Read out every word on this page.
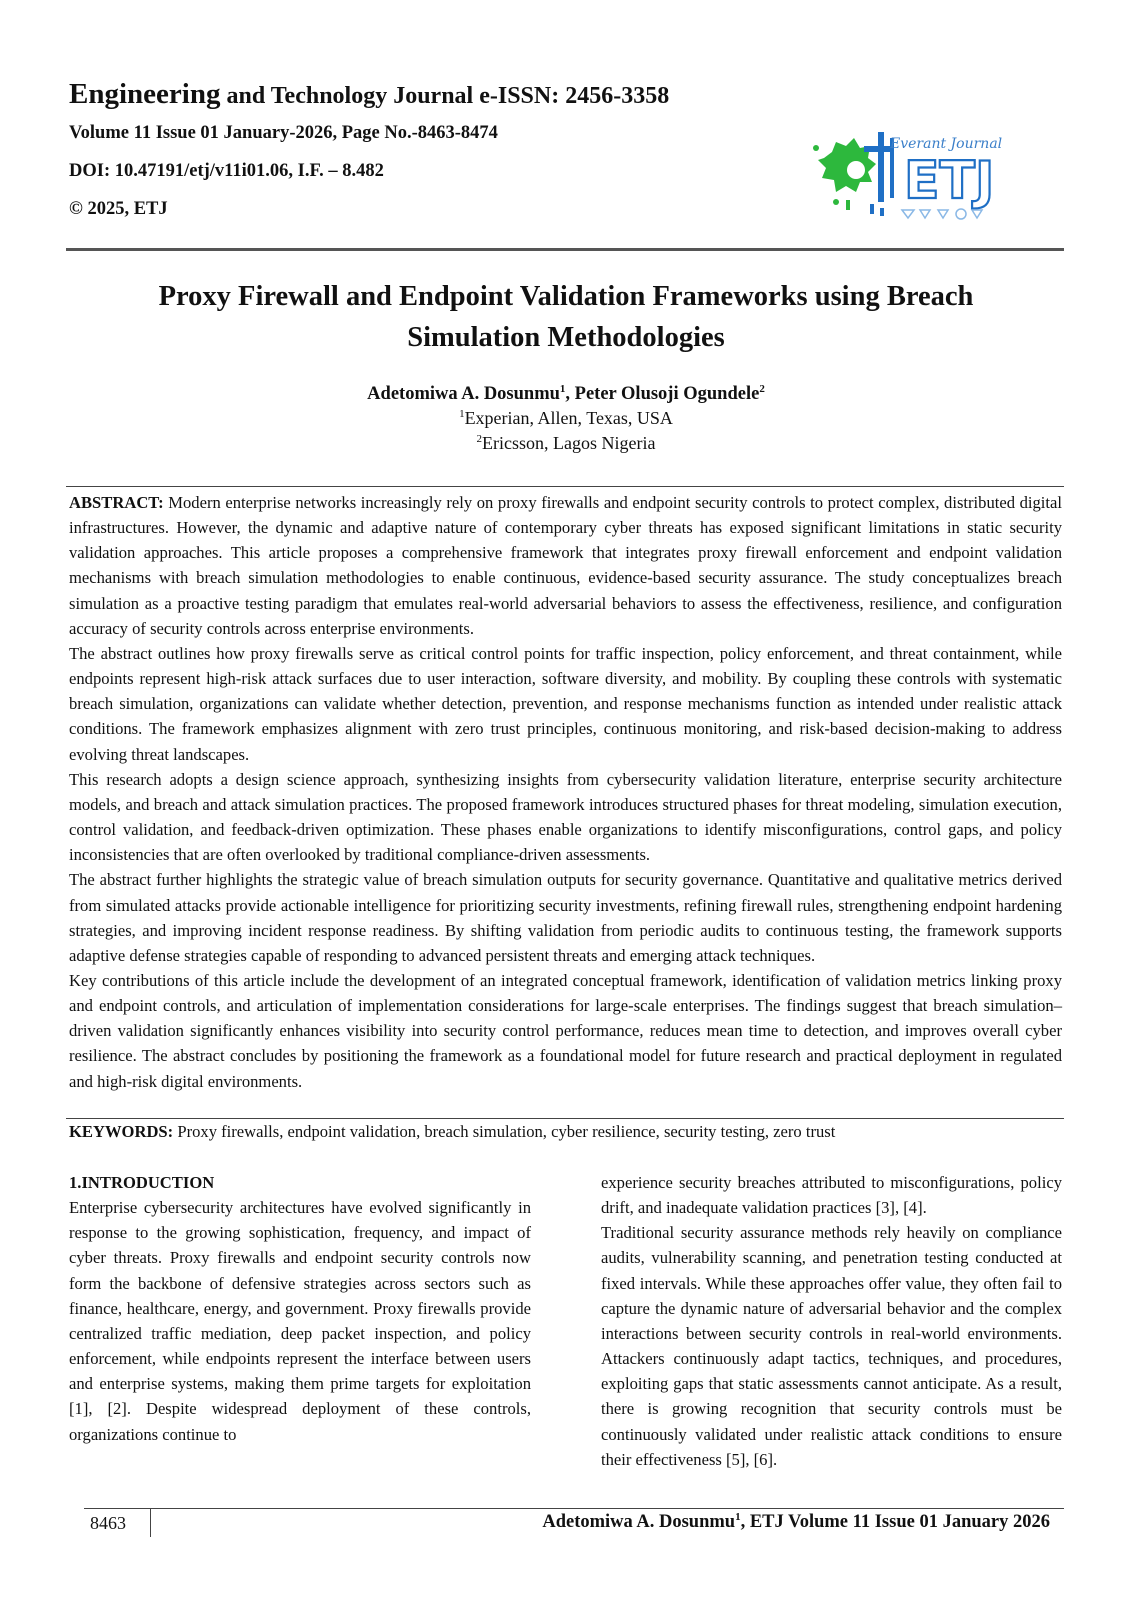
Engineering and Technology Journal e-ISSN: 2456-3358
Volume 11 Issue 01 January-2026, Page No.-8463-8474
DOI: 10.47191/etj/v11i01.06, I.F. – 8.482
© 2025, ETJ
Everant Journal
ETJ
Proxy Firewall and Endpoint Validation Frameworks using Breach
Simulation Methodologies
Adetomiwa A. Dosunmu$^1$, Peter Olusoji Ogundele$^2$
$^1$Experian, Allen, Texas, USA
$^2$Ericsson, Lagos Nigeria

ABSTRACT: Modern enterprise networks increasingly rely on proxy firewalls and endpoint security controls to protect complex, distributed digital infrastructures. However, the dynamic and adaptive nature of contemporary cyber threats has exposed significant limitations in static security validation approaches. This article proposes a comprehensive framework that integrates proxy firewall enforcement and endpoint validation mechanisms with breach simulation methodologies to enable continuous, evidence-based security assurance. The study conceptualizes breach simulation as a proactive testing paradigm that emulates real-world adversarial behaviors to assess the effectiveness, resilience, and configuration accuracy of security controls across enterprise environments.

The abstract outlines how proxy firewalls serve as critical control points for traffic inspection, policy enforcement, and threat containment, while endpoints represent high-risk attack surfaces due to user interaction, software diversity, and mobility. By coupling these controls with systematic breach simulation, organizations can validate whether detection, prevention, and response mechanisms function as intended under realistic attack conditions. The framework emphasizes alignment with zero trust principles, continuous monitoring, and risk-based decision-making to address evolving threat landscapes.

This research adopts a design science approach, synthesizing insights from cybersecurity validation literature, enterprise security architecture models, and breach and attack simulation practices. The proposed framework introduces structured phases for threat modeling, simulation execution, control validation, and feedback-driven optimization. These phases enable organizations to identify misconfigurations, control gaps, and policy inconsistencies that are often overlooked by traditional compliance-driven assessments.

The abstract further highlights the strategic value of breach simulation outputs for security governance. Quantitative and qualitative metrics derived from simulated attacks provide actionable intelligence for prioritizing security investments, refining firewall rules, strengthening endpoint hardening strategies, and improving incident response readiness. By shifting validation from periodic audits to continuous testing, the framework supports adaptive defense strategies capable of responding to advanced persistent threats and emerging attack techniques.

Key contributions of this article include the development of an integrated conceptual framework, identification of validation metrics linking proxy and endpoint controls, and articulation of implementation considerations for large-scale enterprises. The findings suggest that breach simulation–driven validation significantly enhances visibility into security control performance, reduces mean time to detection, and improves overall cyber resilience. The abstract concludes by positioning the framework as a foundational model for future research and practical deployment in regulated and high-risk digital environments.

KEYWORDS: Proxy firewalls, endpoint validation, breach simulation, cyber resilience, security testing, zero trust

1.INTRODUCTION

Enterprise cybersecurity architectures have evolved significantly in response to the growing sophistication, frequency, and impact of cyber threats. Proxy firewalls and endpoint security controls now form the backbone of defensive strategies across sectors such as finance, healthcare, energy, and government. Proxy firewalls provide centralized traffic mediation, deep packet inspection, and policy enforcement, while endpoints represent the interface between users and enterprise systems, making them prime targets for exploitation [1], [2]. Despite widespread deployment of these controls, organizations continue to

experience security breaches attributed to misconfigurations, policy drift, and inadequate validation practices [3], [4].

Traditional security assurance methods rely heavily on compliance audits, vulnerability scanning, and penetration testing conducted at fixed intervals. While these approaches offer value, they often fail to capture the dynamic nature of adversarial behavior and the complex interactions between security controls in real-world environments. Attackers continuously adapt tactics, techniques, and procedures, exploiting gaps that static assessments cannot anticipate. As a result, there is growing recognition that security controls must be continuously validated under realistic attack conditions to ensure their effectiveness [5], [6].

8463	Adetomiwa A. Dosunmu$^1$, ETJ Volume 11 Issue 01 January 2026
